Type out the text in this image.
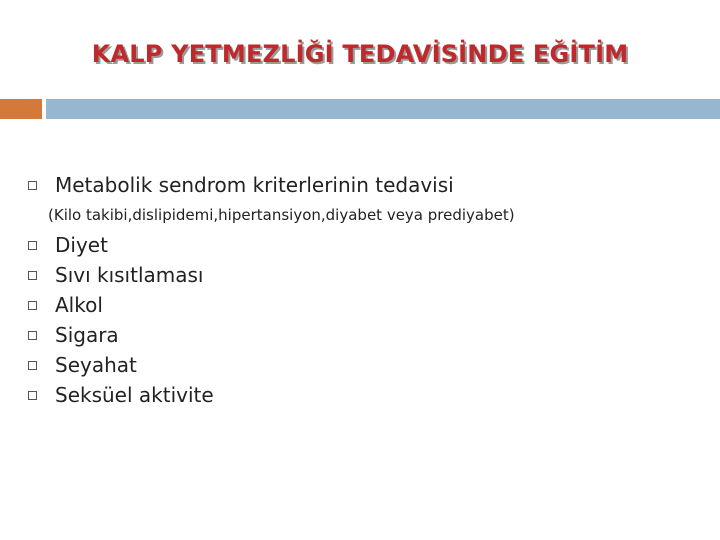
KALP YETMEZLİĞİ TEDAVİSİNDE EĞİTİM
Metabolik sendrom kriterlerinin tedavisi
(Kilo takibi,dislipidemi,hipertansiyon,diyabet veya prediyabet)
Diyet
Sıvı kısıtlaması
Alkol
Sigara
Seyahat
Seksüel aktivite
